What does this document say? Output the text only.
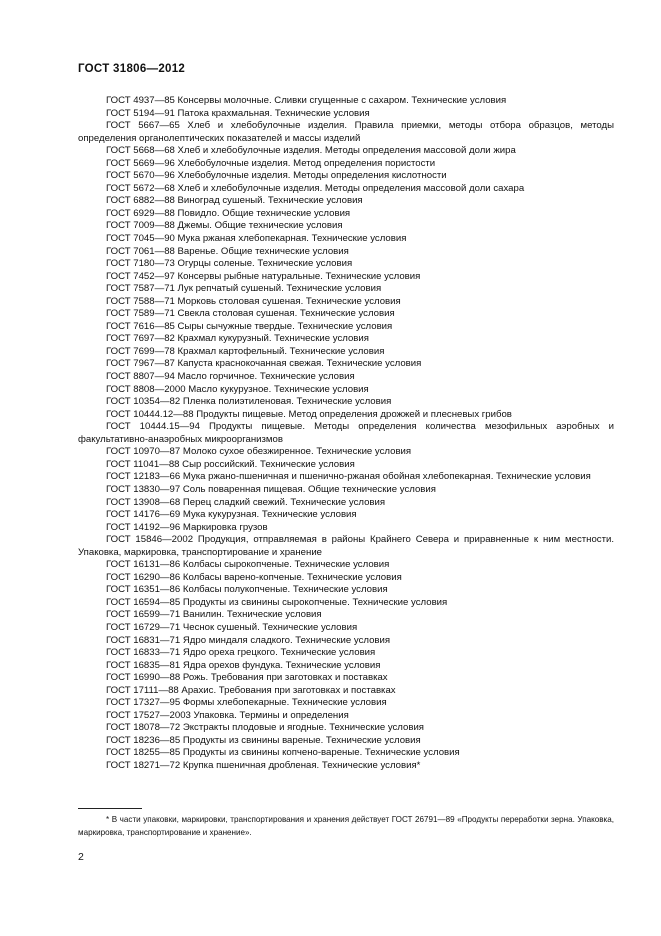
ГОСТ 31806—2012
ГОСТ 4937—85 Консервы молочные. Сливки сгущенные с сахаром. Технические условия
ГОСТ 5194—91 Патока крахмальная. Технические условия
ГОСТ 5667—65 Хлеб и хлебобулочные изделия. Правила приемки, методы отбора образцов, методы определения органолептических показателей и массы изделий
ГОСТ 5668—68 Хлеб и хлебобулочные изделия. Методы определения массовой доли жира
ГОСТ 5669—96 Хлебобулочные изделия. Метод определения пористости
ГОСТ 5670—96 Хлебобулочные изделия. Методы определения кислотности
ГОСТ 5672—68 Хлеб и хлебобулочные изделия. Методы определения массовой доли сахара
ГОСТ 6882—88 Виноград сушеный. Технические условия
ГОСТ 6929—88 Повидло. Общие технические условия
ГОСТ 7009—88 Джемы. Общие технические условия
ГОСТ 7045—90 Мука ржаная хлебопекарная. Технические условия
ГОСТ 7061—88 Варенье. Общие технические условия
ГОСТ 7180—73 Огурцы соленые. Технические условия
ГОСТ 7452—97 Консервы рыбные натуральные. Технические условия
ГОСТ 7587—71 Лук репчатый сушеный. Технические условия
ГОСТ 7588—71 Морковь столовая сушеная. Технические условия
ГОСТ 7589—71 Свекла столовая сушеная. Технические условия
ГОСТ 7616—85 Сыры сычужные твердые. Технические условия
ГОСТ 7697—82 Крахмал кукурузный. Технические условия
ГОСТ 7699—78 Крахмал картофельный. Технические условия
ГОСТ 7967—87 Капуста краснокочанная свежая. Технические условия
ГОСТ 8807—94 Масло горчичное. Технические условия
ГОСТ 8808—2000 Масло кукурузное. Технические условия
ГОСТ 10354—82 Пленка полиэтиленовая. Технические условия
ГОСТ 10444.12—88 Продукты пищевые. Метод определения дрожжей и плесневых грибов
ГОСТ 10444.15—94 Продукты пищевые. Методы определения количества мезофильных аэробных и факультативно-анаэробных микроорганизмов
ГОСТ 10970—87 Молоко сухое обезжиренное. Технические условия
ГОСТ 11041—88 Сыр российский. Технические условия
ГОСТ 12183—66 Мука ржано-пшеничная и пшенично-ржаная обойная хлебопекарная. Технические условия
ГОСТ 13830—97 Соль поваренная пищевая. Общие технические условия
ГОСТ 13908—68 Перец сладкий свежий. Технические условия
ГОСТ 14176—69 Мука кукурузная. Технические условия
ГОСТ 14192—96 Маркировка грузов
ГОСТ 15846—2002 Продукция, отправляемая в районы Крайнего Севера и приравненные к ним местности. Упаковка, маркировка, транспортирование и хранение
ГОСТ 16131—86 Колбасы сырокопченые. Технические условия
ГОСТ 16290—86 Колбасы варено-копченые. Технические условия
ГОСТ 16351—86 Колбасы полукопченые. Технические условия
ГОСТ 16594—85 Продукты из свинины сырокопченые. Технические условия
ГОСТ 16599—71 Ванилин. Технические условия
ГОСТ 16729—71 Чеснок сушеный. Технические условия
ГОСТ 16831—71 Ядро миндаля сладкого. Технические условия
ГОСТ 16833—71 Ядро ореха грецкого. Технические условия
ГОСТ 16835—81 Ядра орехов фундука. Технические условия
ГОСТ 16990—88 Рожь. Требования при заготовках и поставках
ГОСТ 17111—88 Арахис. Требования при заготовках и поставках
ГОСТ 17327—95 Формы хлебопекарные. Технические условия
ГОСТ 17527—2003 Упаковка. Термины и определения
ГОСТ 18078—72 Экстракты плодовые и ягодные. Технические условия
ГОСТ 18236—85 Продукты из свинины вареные. Технические условия
ГОСТ 18255—85 Продукты из свинины копчено-вареные. Технические условия
ГОСТ 18271—72 Крупка пшеничная дробленая. Технические условия*
* В части упаковки, маркировки, транспортирования и хранения действует ГОСТ 26791—89 «Продукты переработки зерна. Упаковка, маркировка, транспортирование и хранение».
2
